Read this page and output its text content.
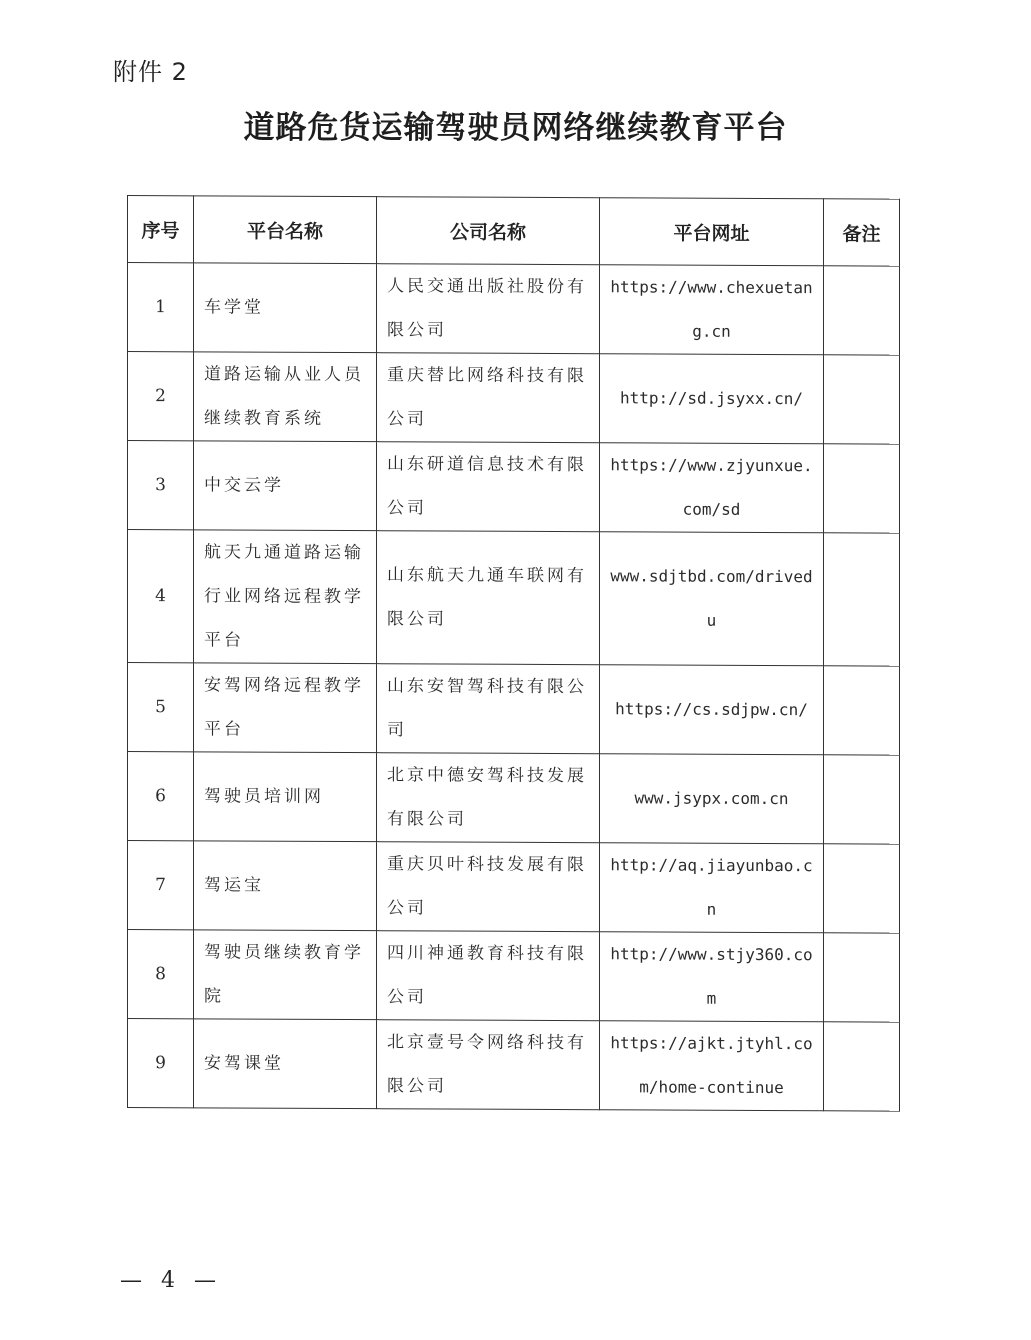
附件 2
道路危货运输驾驶员网络继续教育平台
序号	平台名称	公司名称	平台网址	备注
1	车学堂	人民交通出版社股份有限公司	https://www.chexuetang.cn	
2	道路运输从业人员继续教育系统	重庆替比网络科技有限公司	http://sd.jsyxx.cn/	
3	中交云学	山东研道信息技术有限公司	https://www.zjyunxue.com/sd	
4	航天九通道路运输行业网络远程教学平台	山东航天九通车联网有限公司	www.sdjtbd.com/drivedu	
5	安驾网络远程教学平台	山东安智驾科技有限公司	https://cs.sdjpw.cn/	
6	驾驶员培训网	北京中德安驾科技发展有限公司	www.jsypx.com.cn	
7	驾运宝	重庆贝叶科技发展有限公司	http://aq.jiayunbao.cn	
8	驾驶员继续教育学院	四川神通教育科技有限公司	http://www.stjy360.com	
9	安驾课堂	北京壹号令网络科技有限公司	https://ajkt.jtyhl.com/home-continue	
— 4 —
